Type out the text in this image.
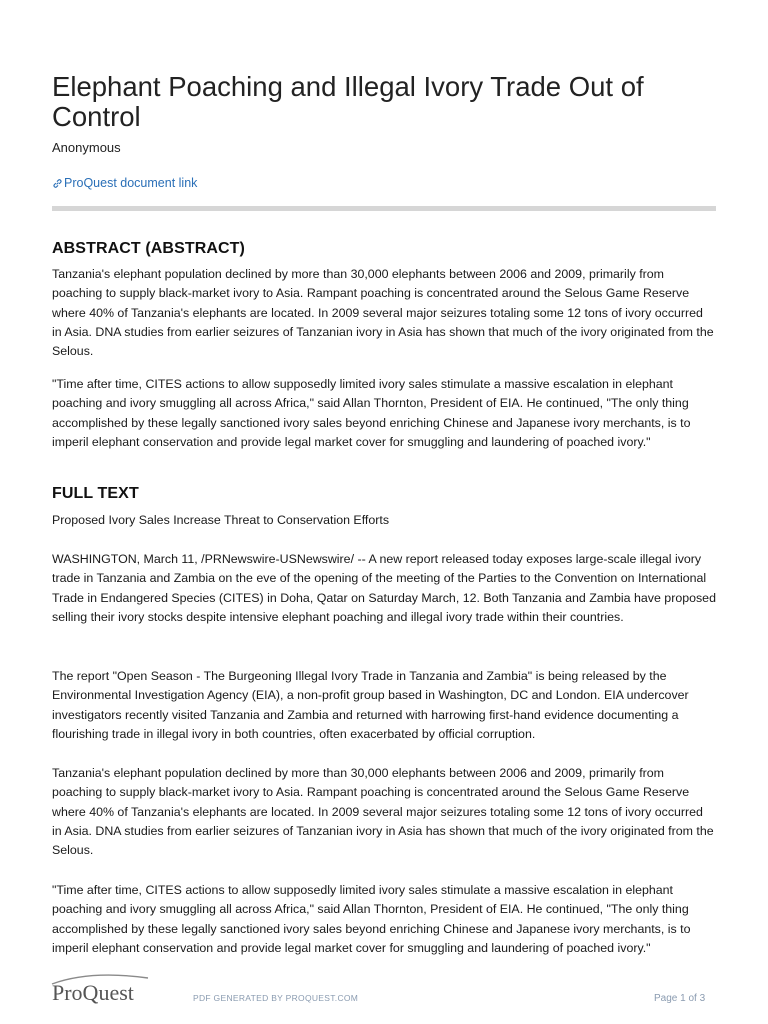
Elephant Poaching and Illegal Ivory Trade Out of Control
Anonymous
ProQuest document link
ABSTRACT (ABSTRACT)

Tanzania's elephant population declined by more than 30,000 elephants between 2006 and 2009, primarily from poaching to supply black-market ivory to Asia. Rampant poaching is concentrated around the Selous Game Reserve where 40% of Tanzania's elephants are located. In 2009 several major seizures totaling some 12 tons of ivory occurred in Asia. DNA studies from earlier seizures of Tanzanian ivory in Asia has shown that much of the ivory originated from the Selous.

"Time after time, CITES actions to allow supposedly limited ivory sales stimulate a massive escalation in elephant poaching and ivory smuggling all across Africa," said Allan Thornton, President of EIA. He continued, "The only thing accomplished by these legally sanctioned ivory sales beyond enriching Chinese and Japanese ivory merchants, is to imperil elephant conservation and provide legal market cover for smuggling and laundering of poached ivory."

FULL TEXT

Proposed Ivory Sales Increase Threat to Conservation Efforts

WASHINGTON, March 11, /PRNewswire-USNewswire/ -- A new report released today exposes large-scale illegal ivory trade in Tanzania and Zambia on the eve of the opening of the meeting of the Parties to the Convention on International Trade in Endangered Species (CITES) in Doha, Qatar on Saturday March, 12. Both Tanzania and Zambia have proposed selling their ivory stocks despite intensive elephant poaching and illegal ivory trade within their countries.

The report "Open Season - The Burgeoning Illegal Ivory Trade in Tanzania and Zambia" is being released by the Environmental Investigation Agency (EIA), a non-profit group based in Washington, DC and London. EIA undercover investigators recently visited Tanzania and Zambia and returned with harrowing first-hand evidence documenting a flourishing trade in illegal ivory in both countries, often exacerbated by official corruption.

Tanzania's elephant population declined by more than 30,000 elephants between 2006 and 2009, primarily from poaching to supply black-market ivory to Asia. Rampant poaching is concentrated around the Selous Game Reserve where 40% of Tanzania's elephants are located. In 2009 several major seizures totaling some 12 tons of ivory occurred in Asia. DNA studies from earlier seizures of Tanzanian ivory in Asia has shown that much of the ivory originated from the Selous.

"Time after time, CITES actions to allow supposedly limited ivory sales stimulate a massive escalation in elephant poaching and ivory smuggling all across Africa," said Allan Thornton, President of EIA. He continued, "The only thing accomplished by these legally sanctioned ivory sales beyond enriching Chinese and Japanese ivory merchants, is to imperil elephant conservation and provide legal market cover for smuggling and laundering of poached ivory."

ProQuest	PDF GENERATED BY PROQUEST.COM	Page 1 of 3
